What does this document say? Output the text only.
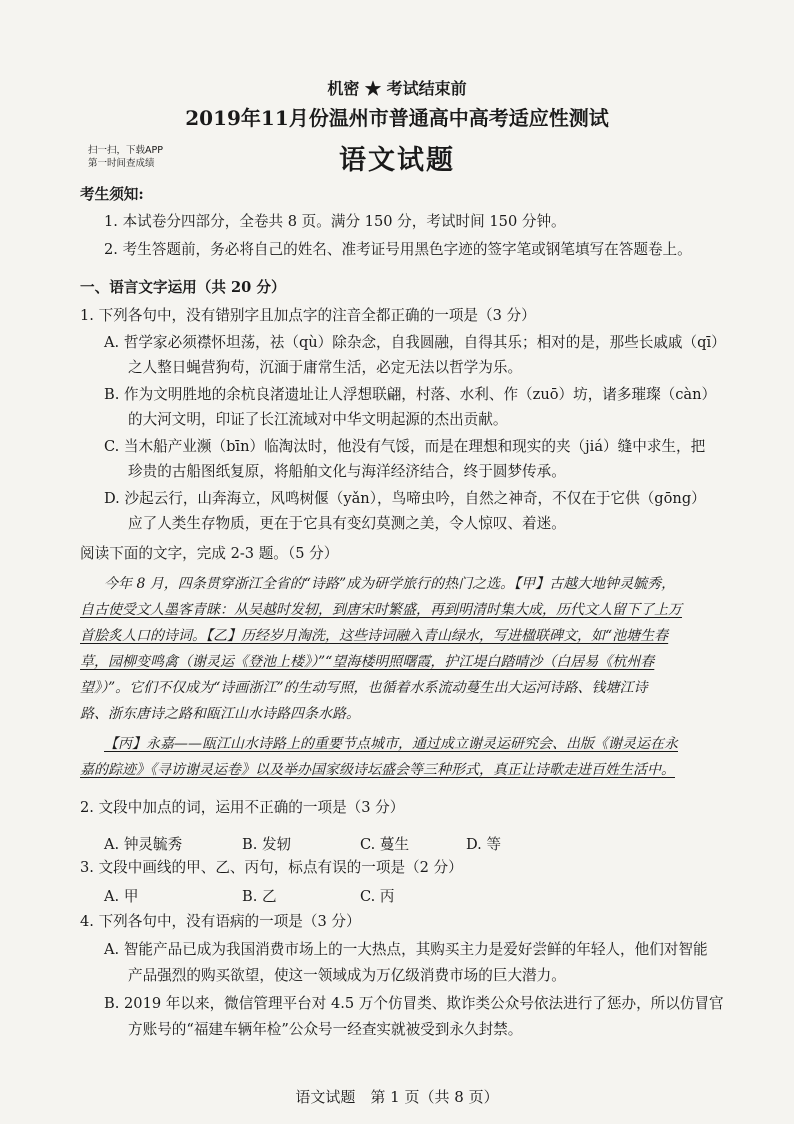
机密 ★ 考试结束前
2019年11月份温州市普通高中高考适应性测试
语文试题
扫一扫，下载APP
第一时间查成绩
考生须知:
1. 本试卷分四部分，全卷共 8 页。满分 150 分，考试时间 150 分钟。
2. 考生答题前，务必将自己的姓名、准考证号用黑色字迹的签字笔或钢笔填写在答题卷上。
一、语言文字运用（共 20 分）
1. 下列各句中，没有错别字且加点字的注音全都正确的一项是（3 分）
A. 哲学家必须襟怀坦荡，祛（qù）除杂念，自我圆融，自得其乐；相对的是，那些长戚戚（qī）
之人整日蝇营狗苟，沉湎于庸常生活，必定无法以哲学为乐。
B. 作为文明胜地的余杭良渚遗址让人浮想联翩，村落、水利、作（zuō）坊，诸多璀璨（càn）
的大河文明，印证了长江流域对中华文明起源的杰出贡献。
C. 当木船产业濒（bīn）临淘汰时，他没有气馁，而是在理想和现实的夹（jiá）缝中求生，把
珍贵的古船图纸复原，将船舶文化与海洋经济结合，终于圆梦传承。
D. 沙起云行，山奔海立，风鸣树偃（yǎn），鸟啼虫吟，自然之神奇，不仅在于它供（gōng）
应了人类生存物质，更在于它具有变幻莫测之美，令人惊叹、着迷。
阅读下面的文字，完成 2-3 题。（5 分）
今年 8 月，四条贯穿浙江全省的“诗路”成为研学旅行的热门之选。【甲】古越大地钟灵毓秀，
自古使受文人墨客青睐：从吴越时发轫，到唐宋时繁盛，再到明清时集大成，历代文人留下了上万
首脍炙人口的诗词。【乙】历经岁月淘洗，这些诗词融入青山绿水，写进楹联碑文，如“池塘生春
草，园柳变鸣禽（谢灵运《登池上楼》）”“望海楼明照曙霞，护江堤白踏晴沙（白居易《杭州春
望》）”。它们不仅成为“诗画浙江”的生动写照，也循着水系流动蔓生出大运河诗路、钱塘江诗
路、浙东唐诗之路和瓯江山水诗路四条水路。
【丙】永嘉——瓯江山水诗路上的重要节点城市，通过成立谢灵运研究会、出版《谢灵运在永
嘉的踪迹》《寻访谢灵运卷》以及举办国家级诗坛盛会等三种形式，真正让诗歌走进百姓生活中。
2. 文段中加点的词，运用不正确的一项是（3 分）
A. 钟灵毓秀	B. 发轫	C. 蔓生	D. 等
3. 文段中画线的甲、乙、丙句，标点有误的一项是（2 分）
A. 甲	B. 乙	C. 丙
4. 下列各句中，没有语病的一项是（3 分）
A. 智能产品已成为我国消费市场上的一大热点，其购买主力是爱好尝鲜的年轻人，他们对智能
产品强烈的购买欲望，使这一领域成为万亿级消费市场的巨大潜力。
B. 2019 年以来，微信管理平台对 4.5 万个仿冒类、欺诈类公众号依法进行了惩办，所以仿冒官
方账号的“福建车辆年检”公众号一经查实就被受到永久封禁。
语文试题　第 1 页（共 8 页）
